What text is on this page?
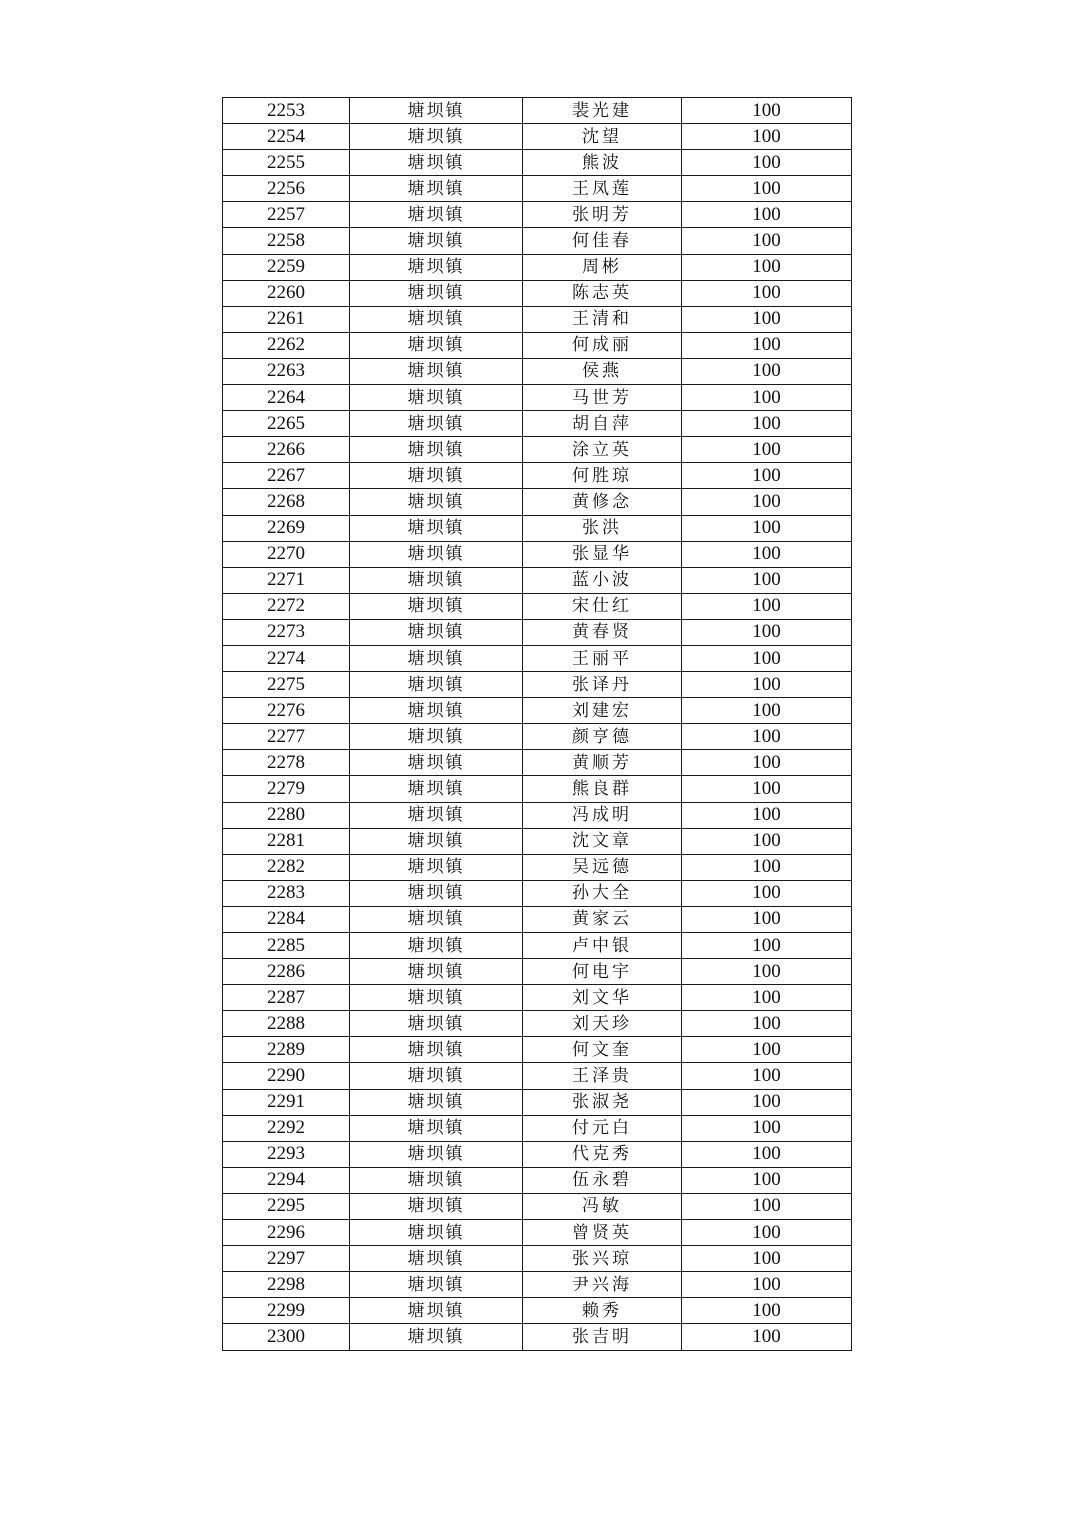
2253	塘坝镇	裴光建	100
2254	塘坝镇	沈望	100
2255	塘坝镇	熊波	100
2256	塘坝镇	王凤莲	100
2257	塘坝镇	张明芳	100
2258	塘坝镇	何佳春	100
2259	塘坝镇	周彬	100
2260	塘坝镇	陈志英	100
2261	塘坝镇	王清和	100
2262	塘坝镇	何成丽	100
2263	塘坝镇	侯燕	100
2264	塘坝镇	马世芳	100
2265	塘坝镇	胡自萍	100
2266	塘坝镇	涂立英	100
2267	塘坝镇	何胜琼	100
2268	塘坝镇	黄修念	100
2269	塘坝镇	张洪	100
2270	塘坝镇	张显华	100
2271	塘坝镇	蓝小波	100
2272	塘坝镇	宋仕红	100
2273	塘坝镇	黄春贤	100
2274	塘坝镇	王丽平	100
2275	塘坝镇	张译丹	100
2276	塘坝镇	刘建宏	100
2277	塘坝镇	颜亨德	100
2278	塘坝镇	黄顺芳	100
2279	塘坝镇	熊良群	100
2280	塘坝镇	冯成明	100
2281	塘坝镇	沈文章	100
2282	塘坝镇	吴远德	100
2283	塘坝镇	孙大全	100
2284	塘坝镇	黄家云	100
2285	塘坝镇	卢中银	100
2286	塘坝镇	何电宇	100
2287	塘坝镇	刘文华	100
2288	塘坝镇	刘天珍	100
2289	塘坝镇	何文奎	100
2290	塘坝镇	王泽贵	100
2291	塘坝镇	张淑尧	100
2292	塘坝镇	付元白	100
2293	塘坝镇	代克秀	100
2294	塘坝镇	伍永碧	100
2295	塘坝镇	冯敏	100
2296	塘坝镇	曾贤英	100
2297	塘坝镇	张兴琼	100
2298	塘坝镇	尹兴海	100
2299	塘坝镇	赖秀	100
2300	塘坝镇	张吉明	100
